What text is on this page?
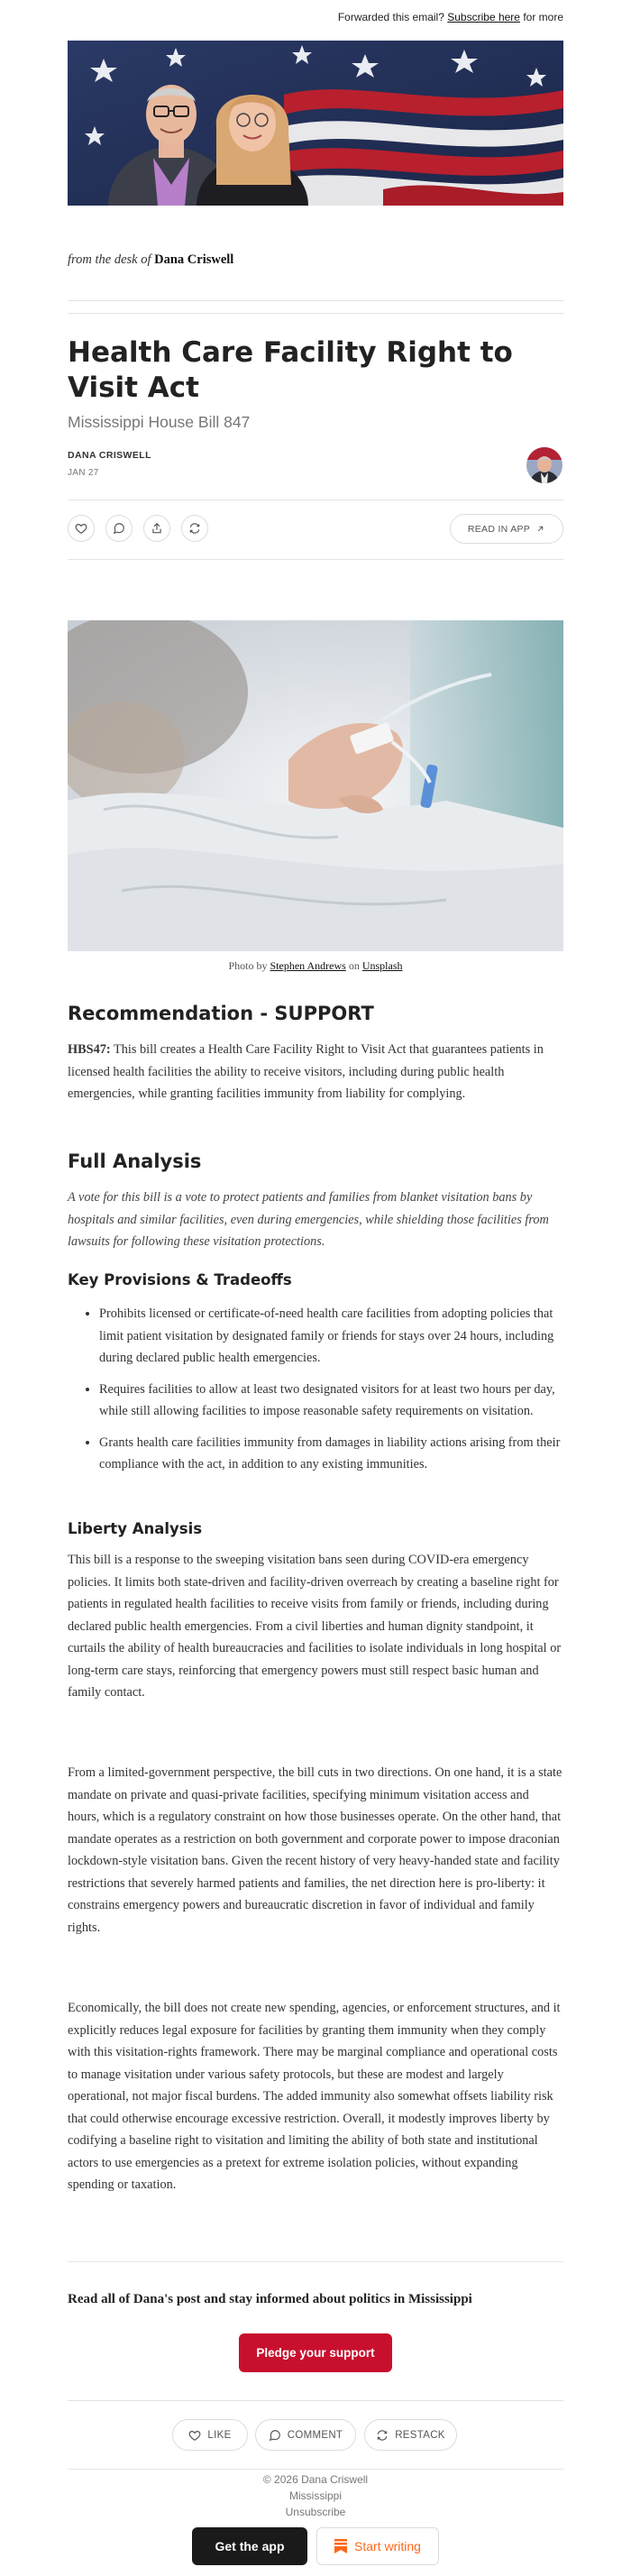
Forwarded this email? Subscribe here for more
from the desk of Dana Criswell
Health Care Facility Right to Visit Act
Mississippi House Bill 847
DANA CRISWELL
JAN 27
READ IN APP
Photo by Stephen Andrews on Unsplash
Recommendation - SUPPORT

HBS47: This bill creates a Health Care Facility Right to Visit Act that guarantees patients in licensed health facilities the ability to receive visitors, including during public health emergencies, while granting facilities immunity from liability for complying.

Full Analysis

A vote for this bill is a vote to protect patients and families from blanket visitation bans by hospitals and similar facilities, even during emergencies, while shielding those facilities from lawsuits for following these visitation protections.

Key Provisions & Tradeoffs
• Prohibits licensed or certificate-of-need health care facilities from adopting policies that limit patient visitation by designated family or friends for stays over 24 hours, including during declared public health emergencies.
• Requires facilities to allow at least two designated visitors for at least two hours per day, while still allowing facilities to impose reasonable safety requirements on visitation.
• Grants health care facilities immunity from damages in liability actions arising from their compliance with the act, in addition to any existing immunities.
Liberty Analysis

This bill is a response to the sweeping visitation bans seen during COVID-era emergency policies. It limits both state-driven and facility-driven overreach by creating a baseline right for patients in regulated health facilities to receive visits from family or friends, including during declared public health emergencies. From a civil liberties and human dignity standpoint, it curtails the ability of health bureaucracies and facilities to isolate individuals in long hospital or long-term care stays, reinforcing that emergency powers must still respect basic human and family contact.

From a limited-government perspective, the bill cuts in two directions. On one hand, it is a state mandate on private and quasi-private facilities, specifying minimum visitation access and hours, which is a regulatory constraint on how those businesses operate. On the other hand, that mandate operates as a restriction on both government and corporate power to impose draconian lockdown-style visitation bans. Given the recent history of very heavy-handed state and facility restrictions that severely harmed patients and families, the net direction here is pro-liberty: it constrains emergency powers and bureaucratic discretion in favor of individual and family rights.

Economically, the bill does not create new spending, agencies, or enforcement structures, and it explicitly reduces legal exposure for facilities by granting them immunity when they comply with this visitation-rights framework. There may be marginal compliance and operational costs to manage visitation under various safety protocols, but these are modest and largely operational, not major fiscal burdens. The added immunity also somewhat offsets liability risk that could otherwise encourage excessive restriction. Overall, it modestly improves liberty by codifying a baseline right to visitation and limiting the ability of both state and institutional actors to use emergencies as a pretext for extreme isolation policies, without expanding spending or taxation.

Read all of Dana's post and stay informed about politics in Mississippi
Pledge your support
LIKE	COMMENT	RESTACK
© 2026 Dana Criswell
Mississippi
Unsubscribe
Get the app	Start writing
